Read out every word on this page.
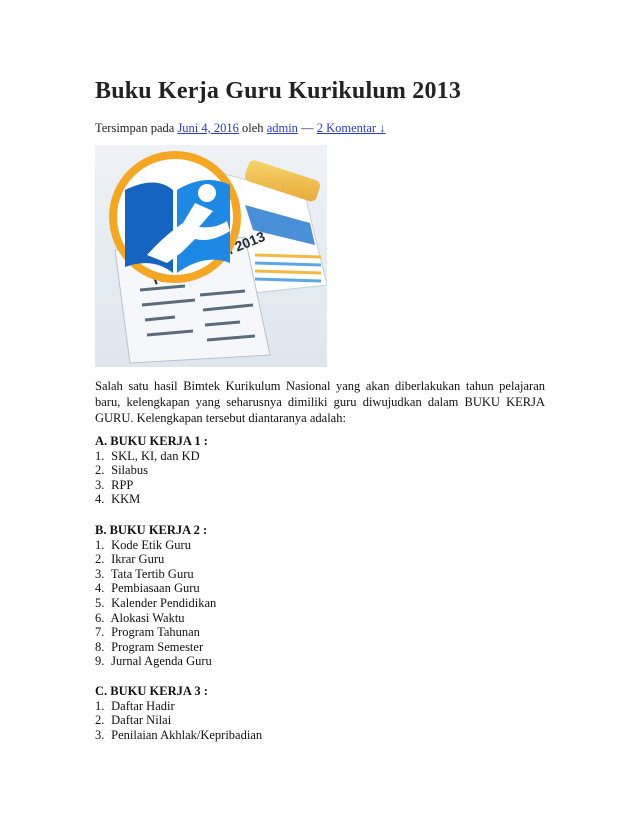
Buku Kerja Guru Kurikulum 2013
Tersimpan pada Juni 4, 2016 oleh admin — 2 Komentar ↓
3
2013

Salah satu hasil Bimtek Kurikulum Nasional yang akan diberlakukan tahun pelajaran baru, kelengkapan yang seharusnya dimiliki guru diwujudkan dalam BUKU KERJA GURU. Kelengkapan tersebut diantaranya adalah:

A. BUKU KERJA 1 :
1. SKL, KI, dan KD
2. Silabus
3. RPP
4. KKM
B. BUKU KERJA 2 :
1. Kode Etik Guru
2. Ikrar Guru
3. Tata Tertib Guru
4. Pembiasaan Guru
5. Kalender Pendidikan
6. Alokasi Waktu
7. Program Tahunan
8. Program Semester
9. Jurnal Agenda Guru
C. BUKU KERJA 3 :
1. Daftar Hadir
2. Daftar Nilai
3. Penilaian Akhlak/Kepribadian
